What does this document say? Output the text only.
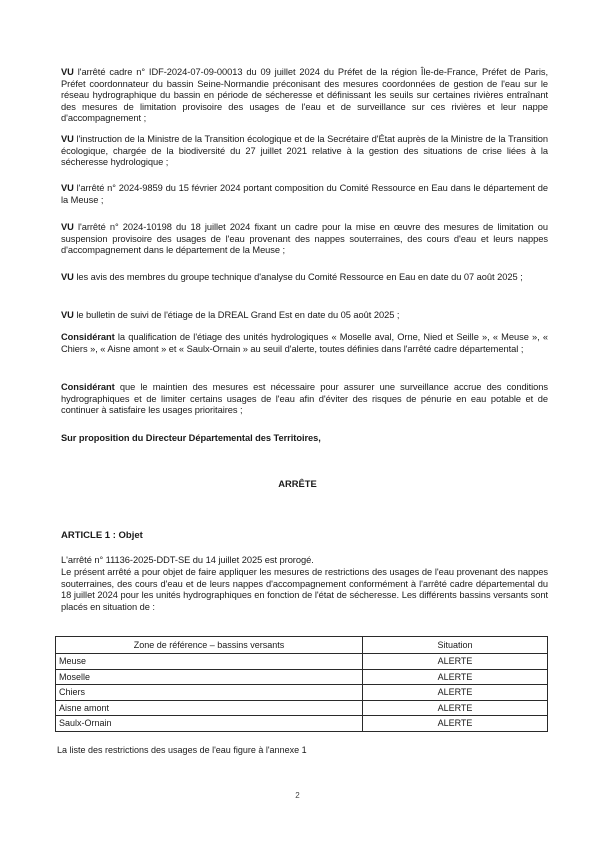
VU l'arrêté cadre n° IDF-2024-07-09-00013 du 09 juillet 2024 du Préfet de la région Île-de-France, Préfet de Paris, Préfet coordonnateur du bassin Seine-Normandie préconisant des mesures coordonnées de gestion de l'eau sur le réseau hydrographique du bassin en période de sécheresse et définissant les seuils sur certaines rivières entraînant des mesures de limitation provisoire des usages de l'eau et de surveillance sur ces rivières et leur nappe d'accompagnement ;
VU l'instruction de la Ministre de la Transition écologique et de la Secrétaire d'État auprès de la Ministre de la Transition écologique, chargée de la biodiversité du 27 juillet 2021 relative à la gestion des situations de crise liées à la sécheresse hydrologique ;
VU l'arrêté n° 2024-9859 du 15 février 2024 portant composition du Comité Ressource en Eau dans le département de la Meuse ;
VU l'arrêté n° 2024-10198 du 18 juillet 2024 fixant un cadre pour la mise en œuvre des mesures de limitation ou suspension provisoire des usages de l'eau provenant des nappes souterraines, des cours d'eau et leurs nappes d'accompagnement dans le département de la Meuse ;
VU les avis des membres du groupe technique d'analyse du Comité Ressource en Eau en date du 07 août 2025 ;
VU le bulletin de suivi de l'étiage de la DREAL Grand Est en date du 05 août 2025 ;
Considérant la qualification de l'étiage des unités hydrologiques « Moselle aval, Orne, Nied et Seille », « Meuse », « Chiers », « Aisne amont » et « Saulx-Ornain » au seuil d'alerte, toutes définies dans l'arrêté cadre départemental ;
Considérant que le maintien des mesures est nécessaire pour assurer une surveillance accrue des conditions hydrographiques et de limiter certains usages de l'eau afin d'éviter des risques de pénurie en eau potable et de continuer à satisfaire les usages prioritaires ;
Sur proposition du Directeur Départemental des Territoires,
ARRÊTE
ARTICLE 1 : Objet
L'arrêté n° 11136-2025-DDT-SE du 14 juillet 2025 est prorogé.
Le présent arrêté a pour objet de faire appliquer les mesures de restrictions des usages de l'eau provenant des nappes souterraines, des cours d'eau et de leurs nappes d'accompagnement conformément à l'arrêté cadre départemental du 18 juillet 2024 pour les unités hydrographiques en fonction de l'état de sécheresse. Les différents bassins versants sont placés en situation de :
Zone de référence – bassins versants	Situation
Meuse	ALERTE
Moselle	ALERTE
Chiers	ALERTE
Aisne amont	ALERTE
Saulx-Ornain	ALERTE
La liste des restrictions des usages de l'eau figure à l'annexe 1
2
